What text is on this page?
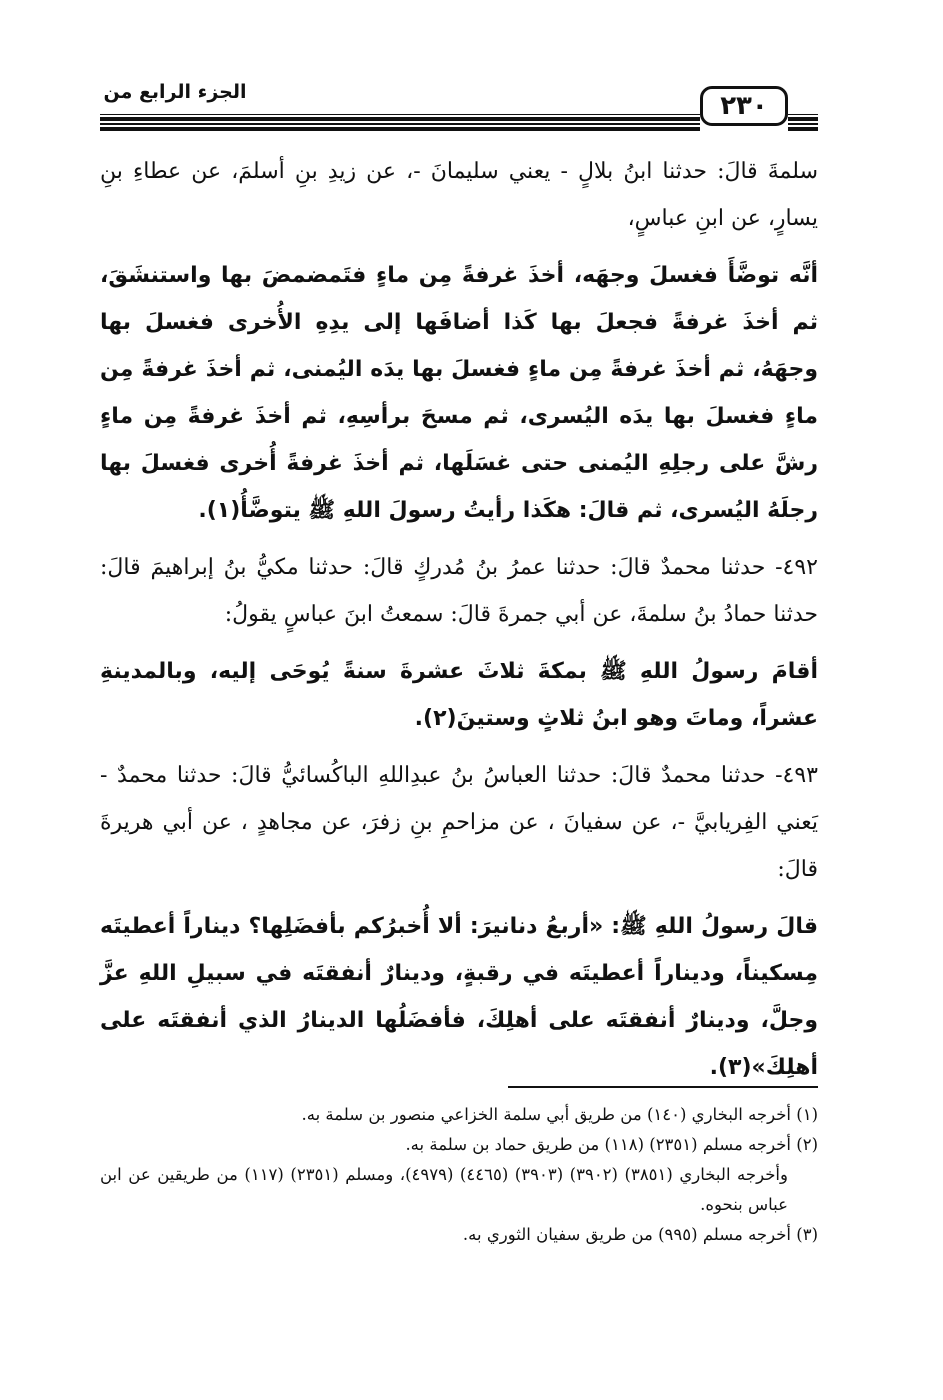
الجزء الرابع من	٢٣٠

سلمةَ قالَ: حدثنا ابنُ بلالٍ - يعني سليمانَ -، عن زيدِ بنِ أسلمَ، عن عطاءِ بنِ يسارٍ، عن ابنِ عباسٍ،

أنَّه توضَّأَ فغسلَ وجهَه، أخذَ غرفةً مِن ماءٍ فتَمضمضَ بها واستنشَقَ، ثم أخذَ غرفةً فجعلَ بها كَذا أضافَها إلى يدِهِ الأُخرى فغسلَ بها وجهَهُ، ثم أخذَ غرفةً مِن ماءٍ فغسلَ بها يدَه اليُمنى، ثم أخذَ غرفةً مِن ماءٍ فغسلَ بها يدَه اليُسرى، ثم مسحَ برأسِهِ، ثم أخذَ غرفةً مِن ماءٍ رشَّ على رجلِهِ اليُمنى حتى غسَلَها، ثم أخذَ غرفةً أُخرى فغسلَ بها رجلَهُ اليُسرى، ثم قالَ: هكَذا رأيتُ رسولَ اللهِ ﷺ يتوضَّأُ(١).

٤٩٢- حدثنا محمدٌ قالَ: حدثنا عمرُ بنُ مُدركٍ قالَ: حدثنا مكيُّ بنُ إبراهيمَ قالَ: حدثنا حمادُ بنُ سلمةَ، عن أبي جمرةَ قالَ: سمعتُ ابنَ عباسٍ يقولُ:

أقامَ رسولُ اللهِ ﷺ بمكةَ ثلاثَ عشرةَ سنةً يُوحَى إليه، وبالمدينةِ عشراً، وماتَ وهو ابنُ ثلاثٍ وستينَ(٢).

٤٩٣- حدثنا محمدٌ قالَ: حدثنا العباسُ بنُ عبدِاللهِ الباكُسائيُّ قالَ: حدثنا محمدٌ - يَعني الفِريابيَّ -، عن سفيانَ ، عن مزاحمِ بنِ زفرَ، عن مجاهدٍ ، عن أبي هريرةَ قالَ:

قالَ رسولُ اللهِ ﷺ: «أربعُ دنانيرَ: ألا أُخبرُكم بأفضَلِها؟ ديناراً أعطيتَه مِسكيناً، وديناراً أعطيتَه في رقبةٍ، ودينارٌ أنفقتَه في سبيلِ اللهِ عزَّ وجلَّ، ودينارٌ أنفقتَه على أهلِكَ، فأفضَلُها الدينارُ الذي أنفقتَه على أهلِكَ»(٣).

(١) أخرجه البخاري (١٤٠) من طريق أبي سلمة الخزاعي منصور بن سلمة به.

(٢) أخرجه مسلم (٢٣٥١) (١١٨) من طريق حماد بن سلمة به.

وأخرجه البخاري (٣٨٥١) (٣٩٠٢) (٣٩٠٣) (٤٤٦٥) (٤٩٧٩)، ومسلم (٢٣٥١) (١١٧) من طريقين عن ابن عباس بنحوه.

(٣) أخرجه مسلم (٩٩٥) من طريق سفيان الثوري به.
